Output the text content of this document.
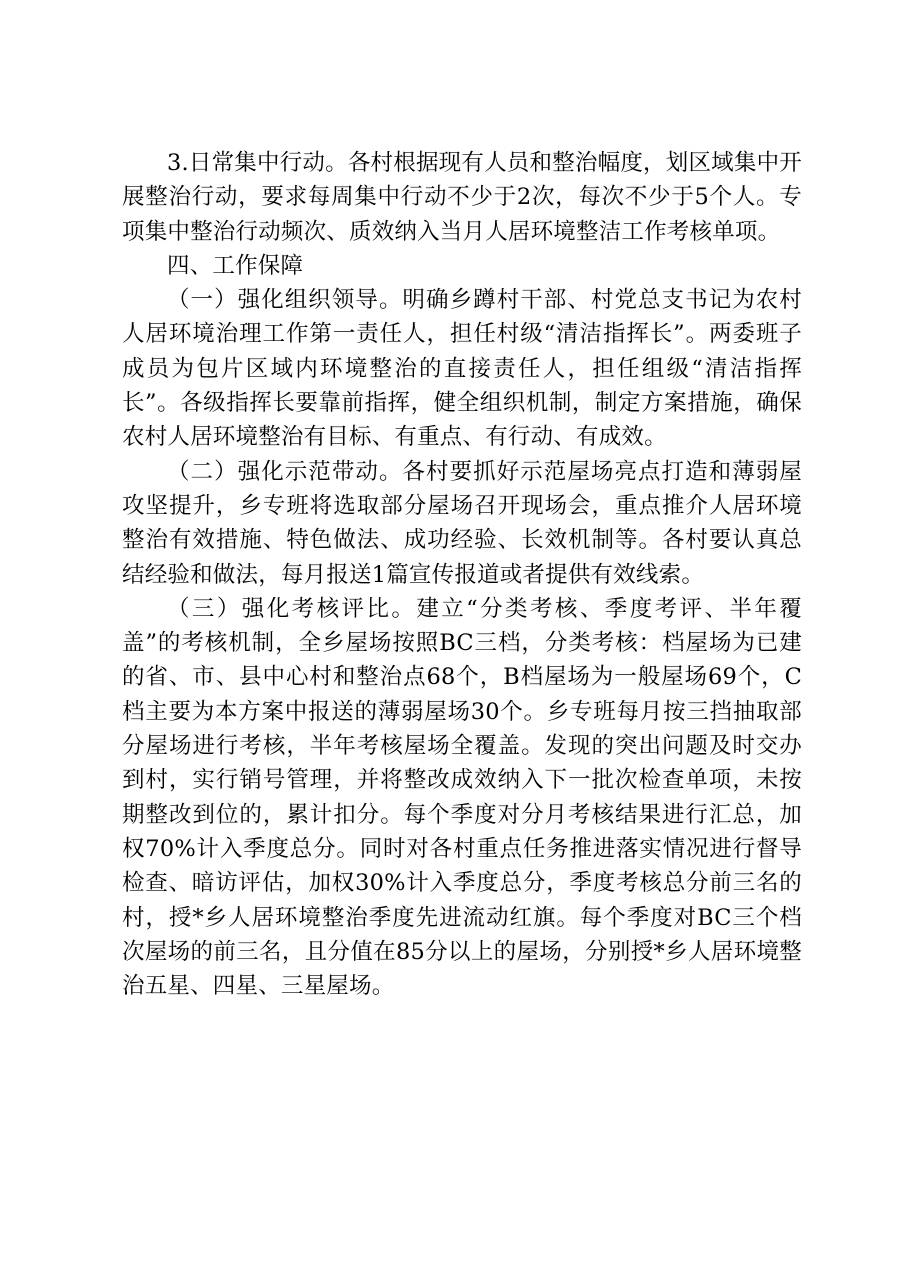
3.日常集中行动。各村根据现有人员和整治幅度，划区域集中开展整治行动，要求每周集中行动不少于2次，每次不少于5个人。专项集中整治行动频次、质效纳入当月人居环境整洁工作考核单项。

四、工作保障

（一）强化组织领导。明确乡蹲村干部、村党总支书记为农村人居环境治理工作第一责任人，担任村级“清洁指挥长”。两委班子成员为包片区域内环境整治的直接责任人，担任组级“清洁指挥长”。各级指挥长要靠前指挥，健全组织机制，制定方案措施，确保农村人居环境整治有目标、有重点、有行动、有成效。

（二）强化示范带动。各村要抓好示范屋场亮点打造和薄弱屋攻坚提升，乡专班将选取部分屋场召开现场会，重点推介人居环境整治有效措施、特色做法、成功经验、长效机制等。各村要认真总结经验和做法，每月报送1篇宣传报道或者提供有效线索。

（三）强化考核评比。建立“分类考核、季度考评、半年覆盖”的考核机制，全乡屋场按照BC三档，分类考核：档屋场为已建的省、市、县中心村和整治点68个，B档屋场为一般屋场69个，C档主要为本方案中报送的薄弱屋场30个。乡专班每月按三挡抽取部分屋场进行考核，半年考核屋场全覆盖。发现的突出问题及时交办到村，实行销号管理，并将整改成效纳入下一批次检查单项，未按期整改到位的，累计扣分。每个季度对分月考核结果进行汇总，加权70%计入季度总分。同时对各村重点任务推进落实情况进行督导检查、暗访评估，加权30%计入季度总分，季度考核总分前三名的村，授*乡人居环境整治季度先进流动红旗。每个季度对BC三个档次屋场的前三名，且分值在85分以上的屋场，分别授*乡人居环境整治五星、四星、三星屋场。
